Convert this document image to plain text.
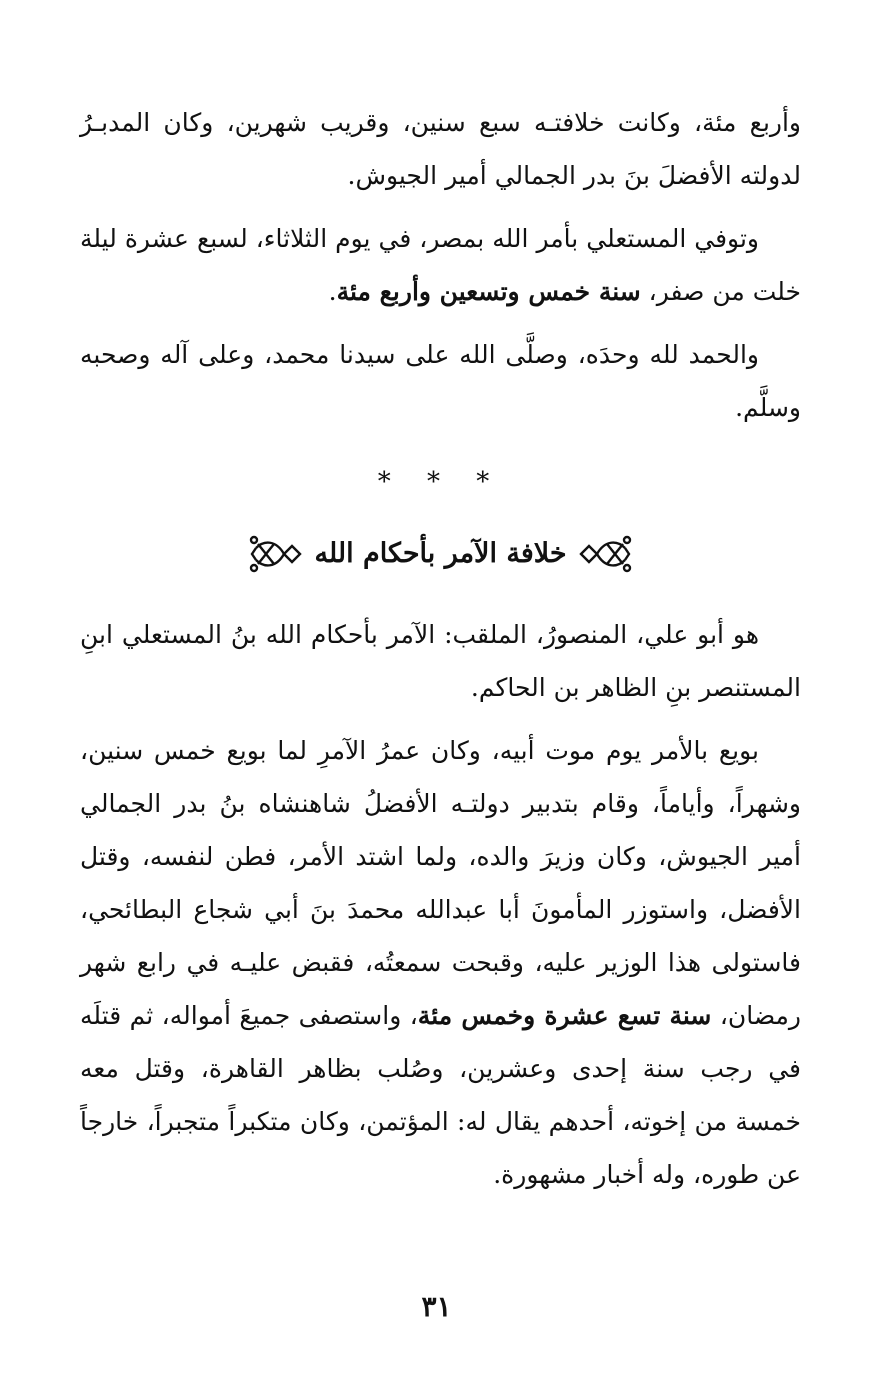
وأربع مئة، وكانت خلافتـه سبع سنين، وقريب شهرين، وكان المدبـرُ لدولته الأفضلَ بنَ بدر الجمالي أمير الجيوش.

وتوفي المستعلي بأمر الله بمصر، في يوم الثلاثاء، لسبع عشرة ليلة خلت من صفر، سنة خمس وتسعين وأربع مئة.

والحمد لله وحدَه، وصلَّى الله على سيدنا محمد، وعلى آله وصحبه وسلَّم.

* * *
خلافة الآمر بأحكام الله

هو أبو علي، المنصورُ، الملقب: الآمر بأحكام الله بنُ المستعلي ابنِ المستنصر بنِ الظاهر بن الحاكم.

بويع بالأمر يوم موت أبيه، وكان عمرُ الآمرِ لما بويع خمس سنين، وشهراً، وأياماً، وقام بتدبير دولتـه الأفضلُ شاهنشاه بنُ بدر الجمالي أمير الجيوش، وكان وزيرَ والده، ولما اشتد الأمر، فطن لنفسه، وقتل الأفضل، واستوزر المأمونَ أبا عبدالله محمدَ بنَ أبي شجاع البطائحي، فاستولى هذا الوزير عليه، وقبحت سمعتُه، فقبض عليـه في رابع شهر رمضان، سنة تسع عشرة وخمس مئة، واستصفى جميعَ أمواله، ثم قتلَه في رجب سنة إحدى وعشرين، وصُلب بظاهر القاهرة، وقتل معه خمسة من إخوته، أحدهم يقال له: المؤتمن، وكان متكبراً متجبراً، خارجاً عن طوره، وله أخبار مشهورة.

٣١
